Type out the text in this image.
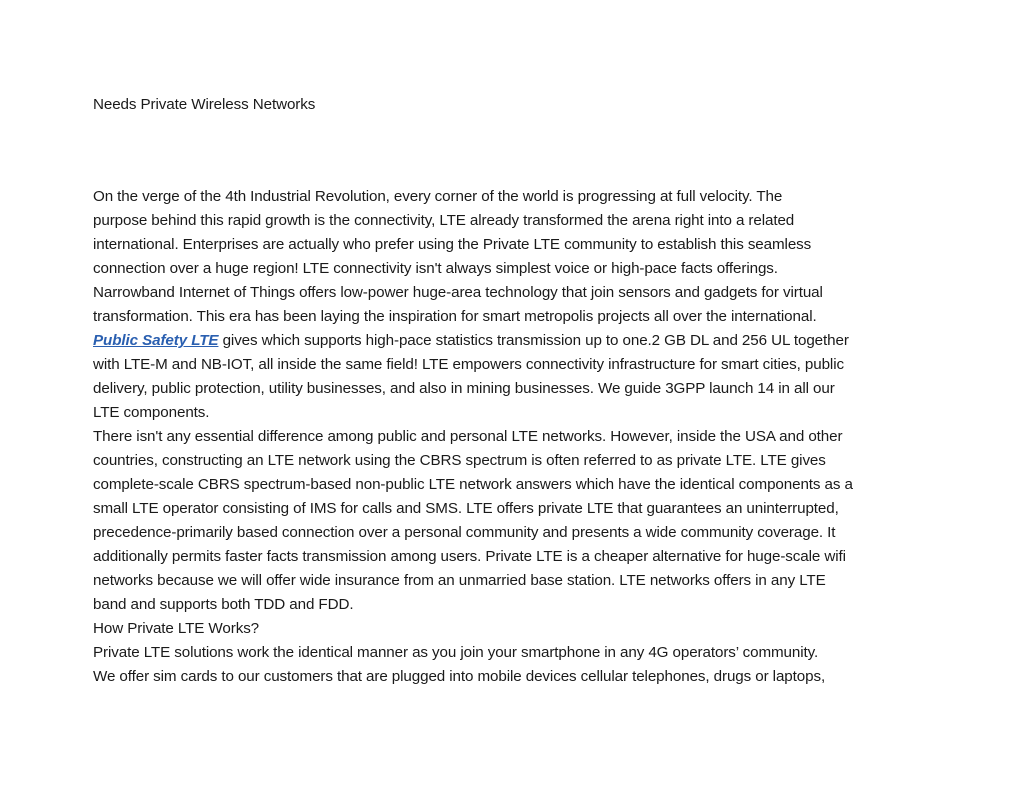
Needs Private Wireless Networks
On the verge of the 4th Industrial Revolution, every corner of the world is progressing at full velocity. The
purpose behind this rapid growth is the connectivity, LTE already transformed the arena right into a related
international. Enterprises are actually who prefer using the Private LTE community to establish this seamless
connection over a huge region! LTE connectivity isn't always simplest voice or high-pace facts offerings.
Narrowband Internet of Things offers low-power huge-area technology that join sensors and gadgets for virtual
transformation. This era has been laying the inspiration for smart metropolis projects all over the international.
Public Safety LTE gives which supports high-pace statistics transmission up to one.2 GB DL and 256 UL together
with LTE-M and NB-IOT, all inside the same field! LTE empowers connectivity infrastructure for smart cities, public
delivery, public protection, utility businesses, and also in mining businesses. We guide 3GPP launch 14 in all our
LTE components.
There isn't any essential difference among public and personal LTE networks. However, inside the USA and other
countries, constructing an LTE network using the CBRS spectrum is often referred to as private LTE. LTE gives
complete-scale CBRS spectrum-based non-public LTE network answers which have the identical components as a
small LTE operator consisting of IMS for calls and SMS. LTE offers private LTE that guarantees an uninterrupted,
precedence-primarily based connection over a personal community and presents a wide community coverage. It
additionally permits faster facts transmission among users. Private LTE is a cheaper alternative for huge-scale wifi
networks because we will offer wide insurance from an unmarried base station. LTE networks offers in any LTE
band and supports both TDD and FDD.
How Private LTE Works?
Private LTE solutions work the identical manner as you join your smartphone in any 4G operators’ community.
We offer sim cards to our customers that are plugged into mobile devices cellular telephones, drugs or laptops,
